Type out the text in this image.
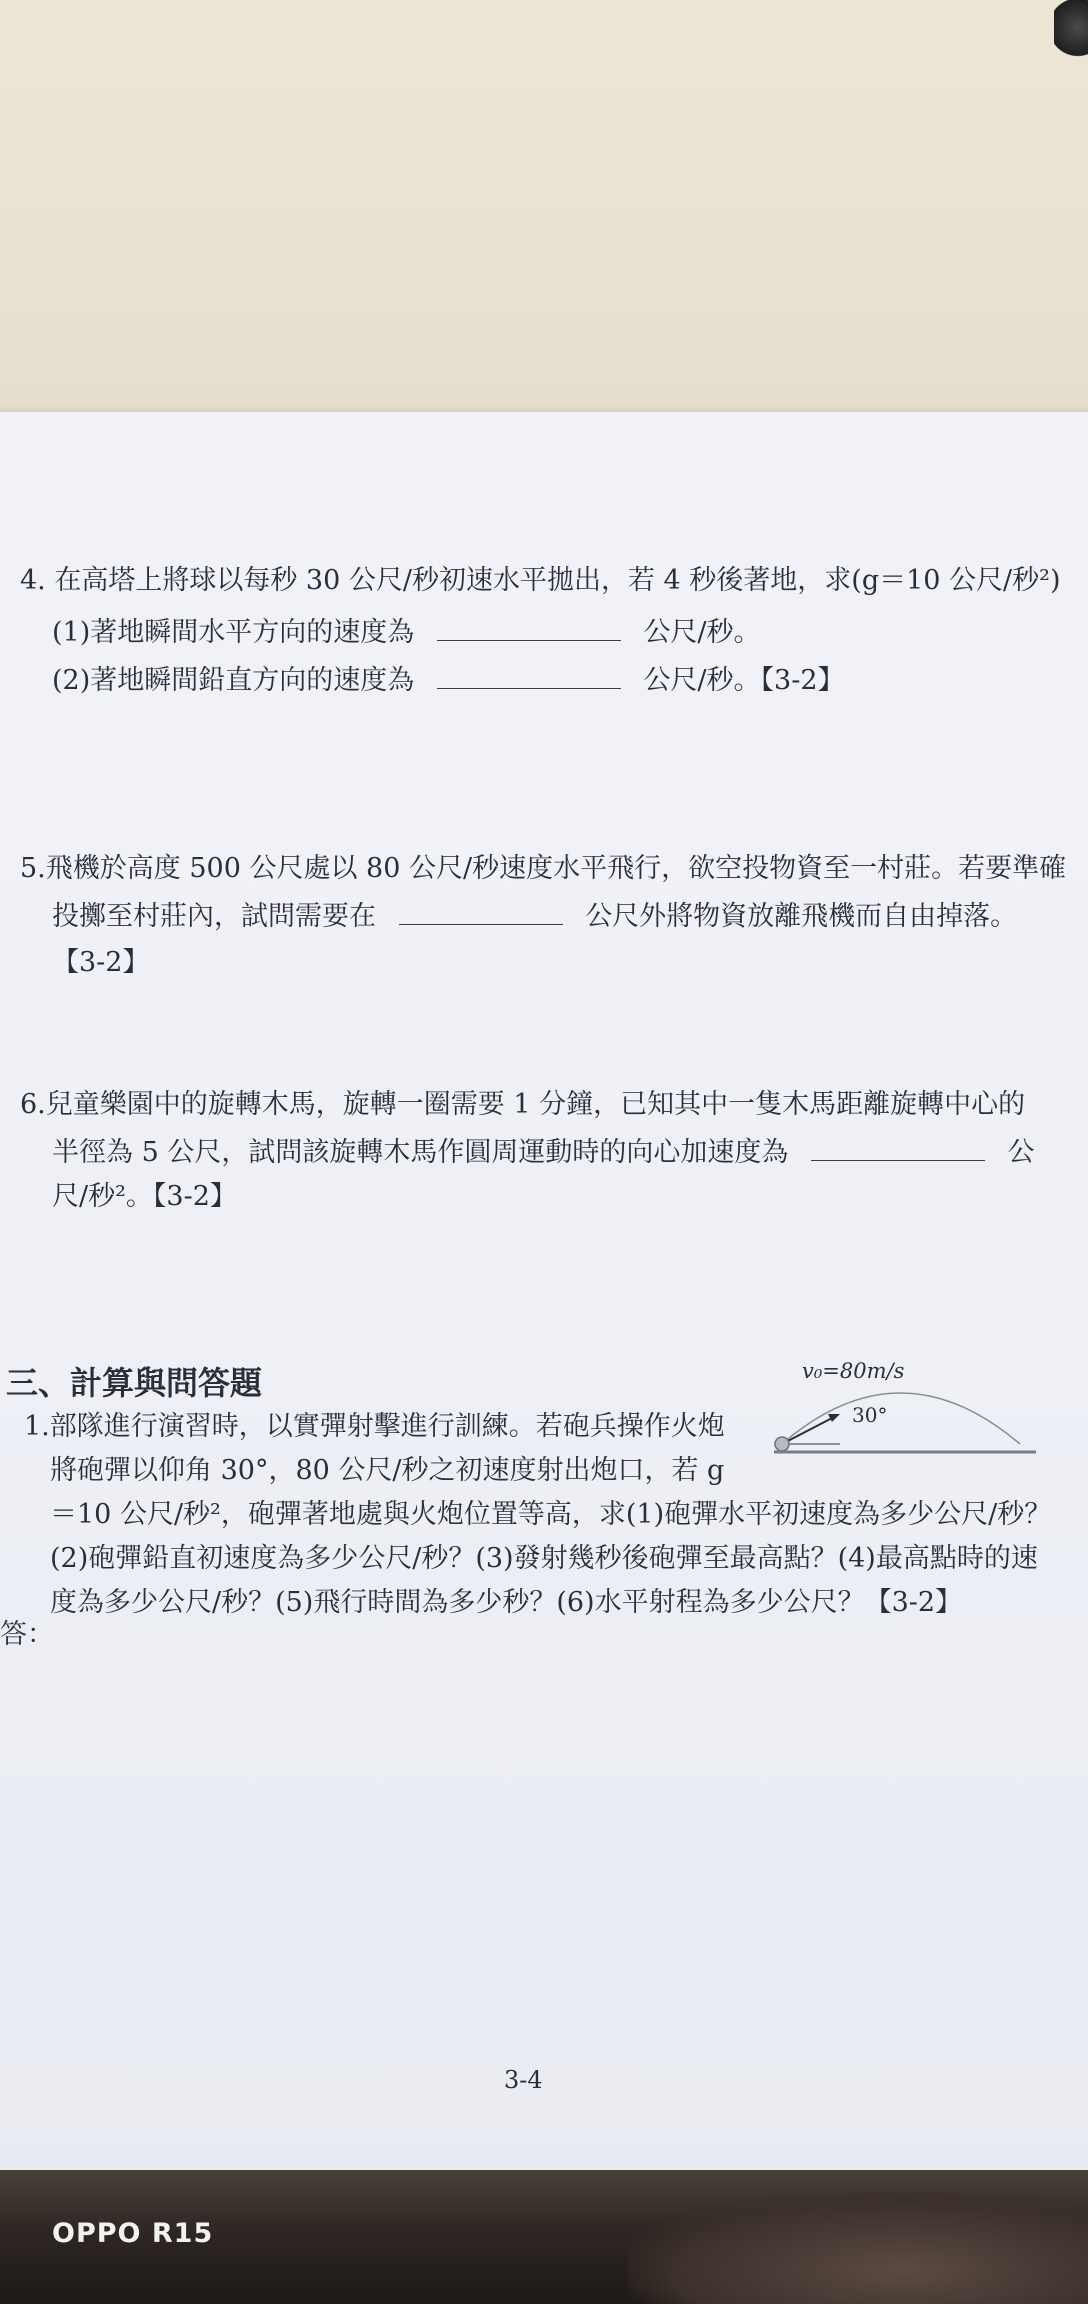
4. 在高塔上將球以每秒 30 公尺/秒初速水平拋出，若 4 秒後著地，求(g＝10 公尺/秒²)
(1)著地瞬間水平方向的速度為	公尺/秒。
(2)著地瞬間鉛直方向的速度為	公尺/秒。【3-2】
5.飛機於高度 500 公尺處以 80 公尺/秒速度水平飛行，欲空投物資至一村莊。若要準確
投擲至村莊內，試問需要在	公尺外將物資放離飛機而自由掉落。
【3-2】
6.兒童樂園中的旋轉木馬，旋轉一圈需要 1 分鐘，已知其中一隻木馬距離旋轉中心的
半徑為 5 公尺，試問該旋轉木馬作圓周運動時的向心加速度為	公
尺/秒²。【3-2】
三、計算與問答題	v₀=80m/s
30°
1.部隊進行演習時，以實彈射擊進行訓練。若砲兵操作火炮
將砲彈以仰角 30°，80 公尺/秒之初速度射出炮口，若 g
＝10 公尺/秒²，砲彈著地處與火炮位置等高，求(1)砲彈水平初速度為多少公尺/秒？
(2)砲彈鉛直初速度為多少公尺/秒？(3)發射幾秒後砲彈至最高點？(4)最高點時的速
度為多少公尺/秒？(5)飛行時間為多少秒？(6)水平射程為多少公尺？【3-2】
答：
3-4
OPPO R15
